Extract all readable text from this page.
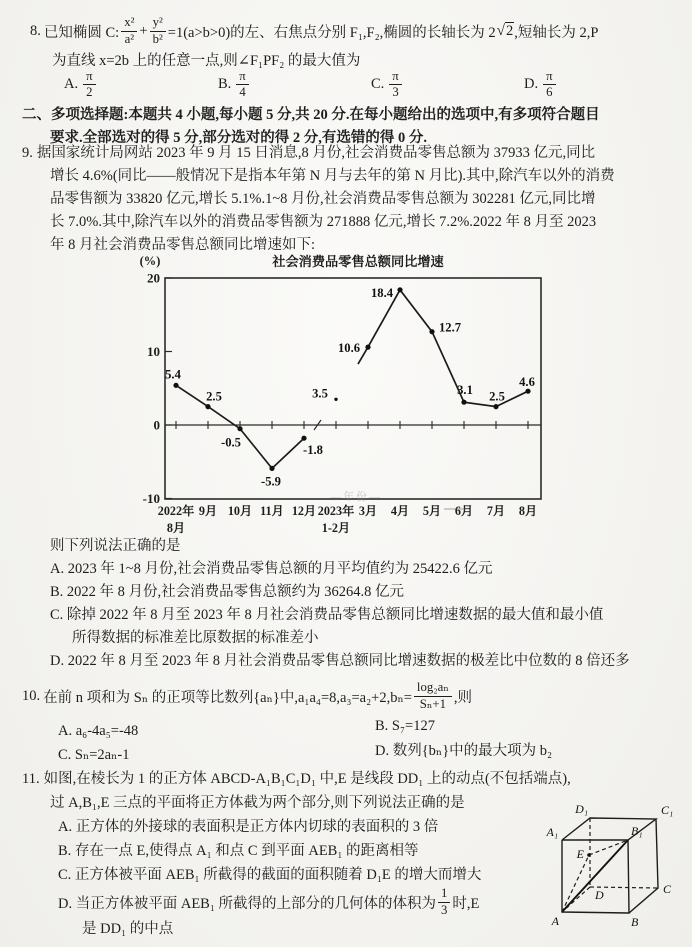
8. 已知椭圆 C: $\frac{\text{x²}}{\text{a²}} + \frac{\text{y²}}{\text{b²}} =1(a>b>0)$的左、右焦点分别 F₁,F₂,椭圆的长轴长为 2 √ 2 ,短轴长为 2,P
为直线 x=2b 上的任意一点,则∠F₁PF₂ 的最大值为
A. $\frac{\pi}{2}$	B. $\frac{\pi}{4}$	C. $\frac{\pi}{3}$	D. $\frac{\pi}{6}$
二、多项选择题:本题共 4 小题,每小题 5 分,共 20 分.在每小题给出的选项中,有多项符合题目
要求.全部选对的得 5 分,部分选对的得 2 分,有选错的得 0 分.
9. 据国家统计局网站 2023 年 9 月 15 日消息,8 月份,社会消费品零售总额为 37933 亿元,同比
增长 4.6%(同比——般情况下是指本年第 N 月与去年的第 N 月比).其中,除汽车以外的消费
品零售额为 33820 亿元,增长 5.1%.1~8 月份,社会消费品零售总额为 302281 亿元,同比增
长 7.0%.其中,除汽车以外的消费品零售额为 271888 亿元,增长 7.2%.2022 年 8 月至 2023
年 8 月社会消费品零售总额同比增速如下:
20
10
0
-10
2022年
8月
9月 10月 11月 12月 2023年
1-2月
3月 4月 5月 6月 7月 8月
—年份—
5.4
2.5
-0.5
-5.9
-1.8
3.5
10.6
18.4
12.7
3.1 2.5
4.6
社会消费品零售总额同比增速
(%)
则下列说法正确的是
A. 2023 年 1~8 月份,社会消费品零售总额的月平均值约为 25422.6 亿元
B. 2022 年 8 月份,社会消费品零售总额约为 36264.8 亿元
C. 除掉 2022 年 8 月至 2023 年 8 月社会消费品零售总额同比增速数据的最大值和最小值
所得数据的标准差比原数据的标准差小
D. 2022 年 8 月至 2023 年 8 月社会消费品零售总额同比增速数据的极差比中位数的 8 倍还多
10. 在前 n 项和为 Sₙ 的正项等比数列{aₙ}中$,a_1a_4=8,a_3=a_2+2,b_n= \frac{\text{log₂aₙ}}{\text{Sₙ+1}}$ ,则
A. a₆-4a₅=-48	B. S₇=127
C. Sₙ=2aₙ-1	D. 数列{bₙ}中的最大项为 b₂
11. 如图,在棱长为 1 的正方体 ABCD-A₁B₁C₁D₁ 中,E 是线段 DD₁ 上的动点(不包括端点),
过 A,B₁,E 三点的平面将正方体截为两个部分,则下列说法正确的是
A. 正方体的外接球的表面积是正方体内切球的表面积的 3 倍
B. 存在一点 E,使得点 A₁ 和点 C 到平面 AEB₁ 的距离相等
C. 正方体被平面 AEB₁ 所截得的截面的面积随着 D₁E 的增大而增大
D. 当正方体被平面 AEB₁ 所截得的上部分的几何体的体积为 $\frac{1}{3}$ 时,E
是 DD₁ 的中点
D₁	C₁
A₁	B₁
E
D	C
A	B
